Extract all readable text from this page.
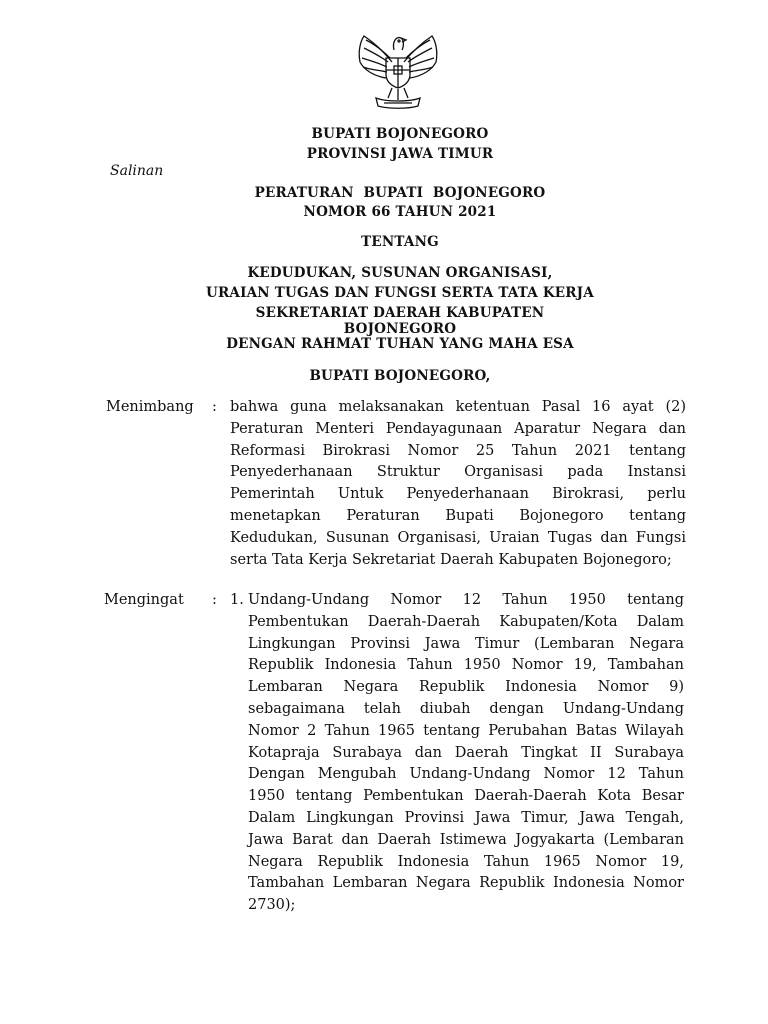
BUPATI BOJONEGORO
PROVINSI JAWA TIMUR
Salinan
PERATURAN  BUPATI  BOJONEGORO
NOMOR 66 TAHUN 2021
TENTANG
KEDUDUKAN, SUSUNAN ORGANISASI,
URAIAN TUGAS DAN FUNGSI SERTA TATA KERJA
SEKRETARIAT DAERAH KABUPATEN BOJONEGORO
DENGAN RAHMAT TUHAN YANG MAHA ESA
BUPATI BOJONEGORO,
Menimbang : bahwa guna melaksanakan ketentuan Pasal 16 ayat (2)
Peraturan Menteri Pendayagunaan Aparatur Negara dan
Reformasi Birokrasi Nomor 25 Tahun 2021 tentang
Penyederhanaan Struktur Organisasi pada Instansi
Pemerintah Untuk Penyederhanaan Birokrasi, perlu
menetapkan Peraturan Bupati Bojonegoro tentang
Kedudukan, Susunan Organisasi, Uraian Tugas dan Fungsi
serta Tata Kerja Sekretariat Daerah Kabupaten Bojonegoro;
Mengingat : 1. Undang-Undang Nomor 12 Tahun 1950 tentang
Pembentukan Daerah-Daerah Kabupaten/Kota Dalam
Lingkungan Provinsi Jawa Timur (Lembaran Negara
Republik Indonesia Tahun 1950 Nomor 19, Tambahan
Lembaran Negara Republik Indonesia Nomor 9)
sebagaimana telah diubah dengan Undang-Undang
Nomor 2 Tahun 1965 tentang Perubahan Batas Wilayah
Kotapraja Surabaya dan Daerah Tingkat II Surabaya
Dengan Mengubah Undang-Undang Nomor 12 Tahun
1950 tentang Pembentukan Daerah-Daerah Kota Besar
Dalam Lingkungan Provinsi Jawa Timur, Jawa Tengah,
Jawa Barat dan Daerah Istimewa Jogyakarta (Lembaran
Negara Republik Indonesia Tahun 1965 Nomor 19,
Tambahan Lembaran Negara Republik Indonesia Nomor
2730);
